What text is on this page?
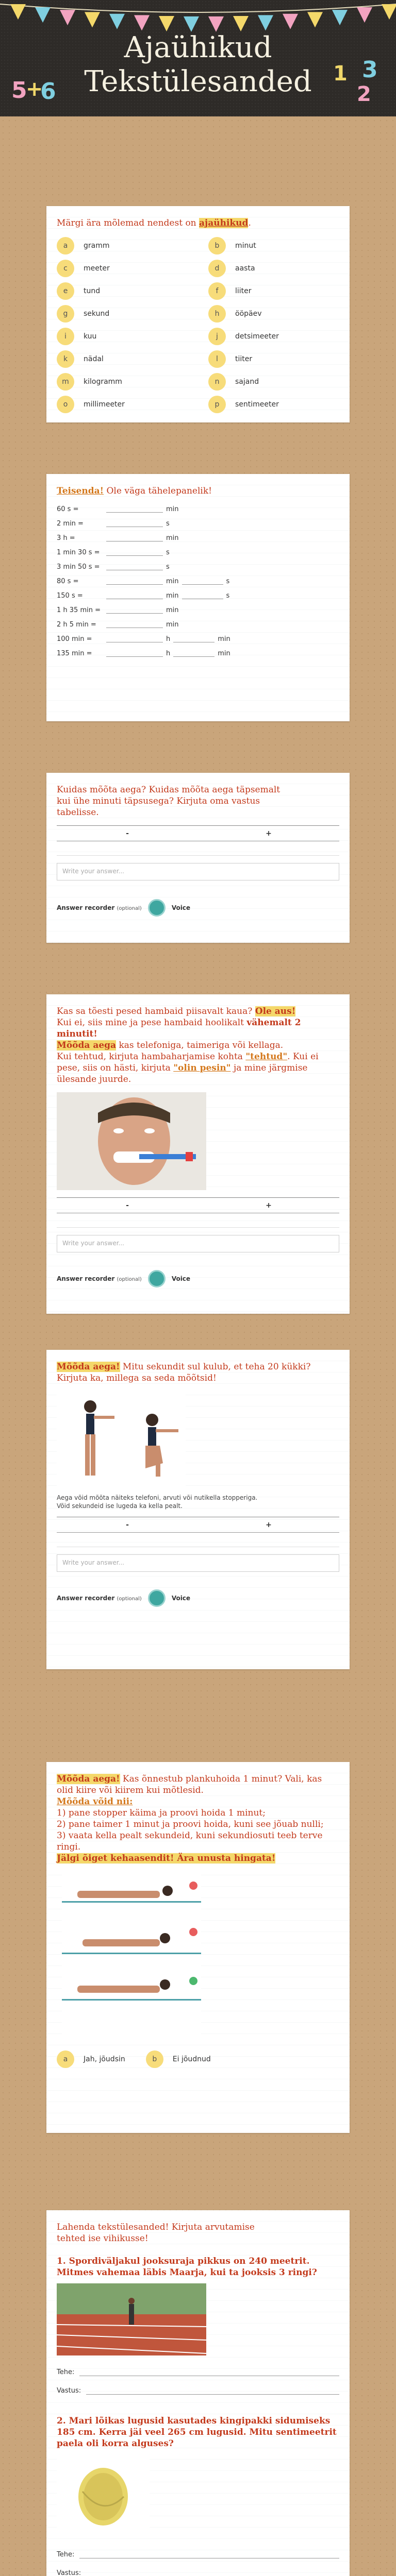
5
+
6
1 3
2
Ajaühikud
Tekstülesanded

Märgi ära mõlemad nendest on ajaühikud.

a	gramm	b	minut
c	meeter	d	aasta
e	tund	f	liiter
g	sekund	h	ööpäev
i	kuu	j	detsimeeter
k	nädal	l	tiiter
m	kilogramm	n	sajand
o	millimeeter	p	sentimeeter

Teisenda! Ole väga tähelepanelik!

60 s =	min
2 min =	s
3 h =	min
1 min 30 s =	s
3 min 50 s =	s
80 s =	min	s
150 s =	min	s
1 h 35 min =	min
2 h 5 min =	min
100 min =	h	min
135 min =	h	min

Kuidas mõõta aega? Kuidas mõõta aega täpsemalt
kui ühe minuti täpsusega? Kirjuta oma vastus
tabelisse.

-	+
Write your answer...
Answer recorder (optional)	Voice

Kas sa tõesti pesed hambaid piisavalt kaua? Ole aus!
Kui ei, siis mine ja pese hambaid hoolikalt vähemalt 2 minutit!
Mõõda aega kas telefoniga, taimeriga või kellaga.
Kui tehtud, kirjuta hambaharjamise kohta "tehtud". Kui ei pese, siis on hästi, kirjuta "olin pesin" ja mine järgmise ülesande juurde.

-	+
Write your answer...
Answer recorder (optional)	Voice

Mõõda aega! Mitu sekundit sul kulub, et teha 20 kükki? Kirjuta ka, millega sa seda mõõtsid!

Aega võid mõõta näiteks telefoni, arvuti või nutikella stopperiga.

Võid sekundeid ise lugeda ka kella pealt.

-	+
Write your answer...
Answer recorder (optional)	Voice

Mõõda aega! Kas õnnestub plankuhoida 1 minut? Vali, kas olid kiire või kiirem kui mõtlesid.
Mõõda võid nii:
1) pane stopper käima ja proovi hoida 1 minut;
2) pane taimer 1 minut ja proovi hoida, kuni see jõuab nulli;
3) vaata kella pealt sekundeid, kuni sekundiosuti teeb terve ringi.
Jälgi õiget kehaasendit! Ära unusta hingata!

a	Jah, jõudsin	b	Ei jõudnud

Lahenda tekstülesanded! Kirjuta arvutamise
tehted ise vihikusse!

1. Spordiväljakul jooksuraja pikkus on 240 meetrit. Mitmes vahemaa läbis Maarja, kui ta jooksis 3 ringi?

Tehe:
Vastus:

2. Mari lõikas lugusid kasutades kingipakki sidumiseks 185 cm. Kerra jäi veel 265 cm lugusid. Mitu sentimeetrit paela oli korra alguses?

Tehe:
Vastus:
